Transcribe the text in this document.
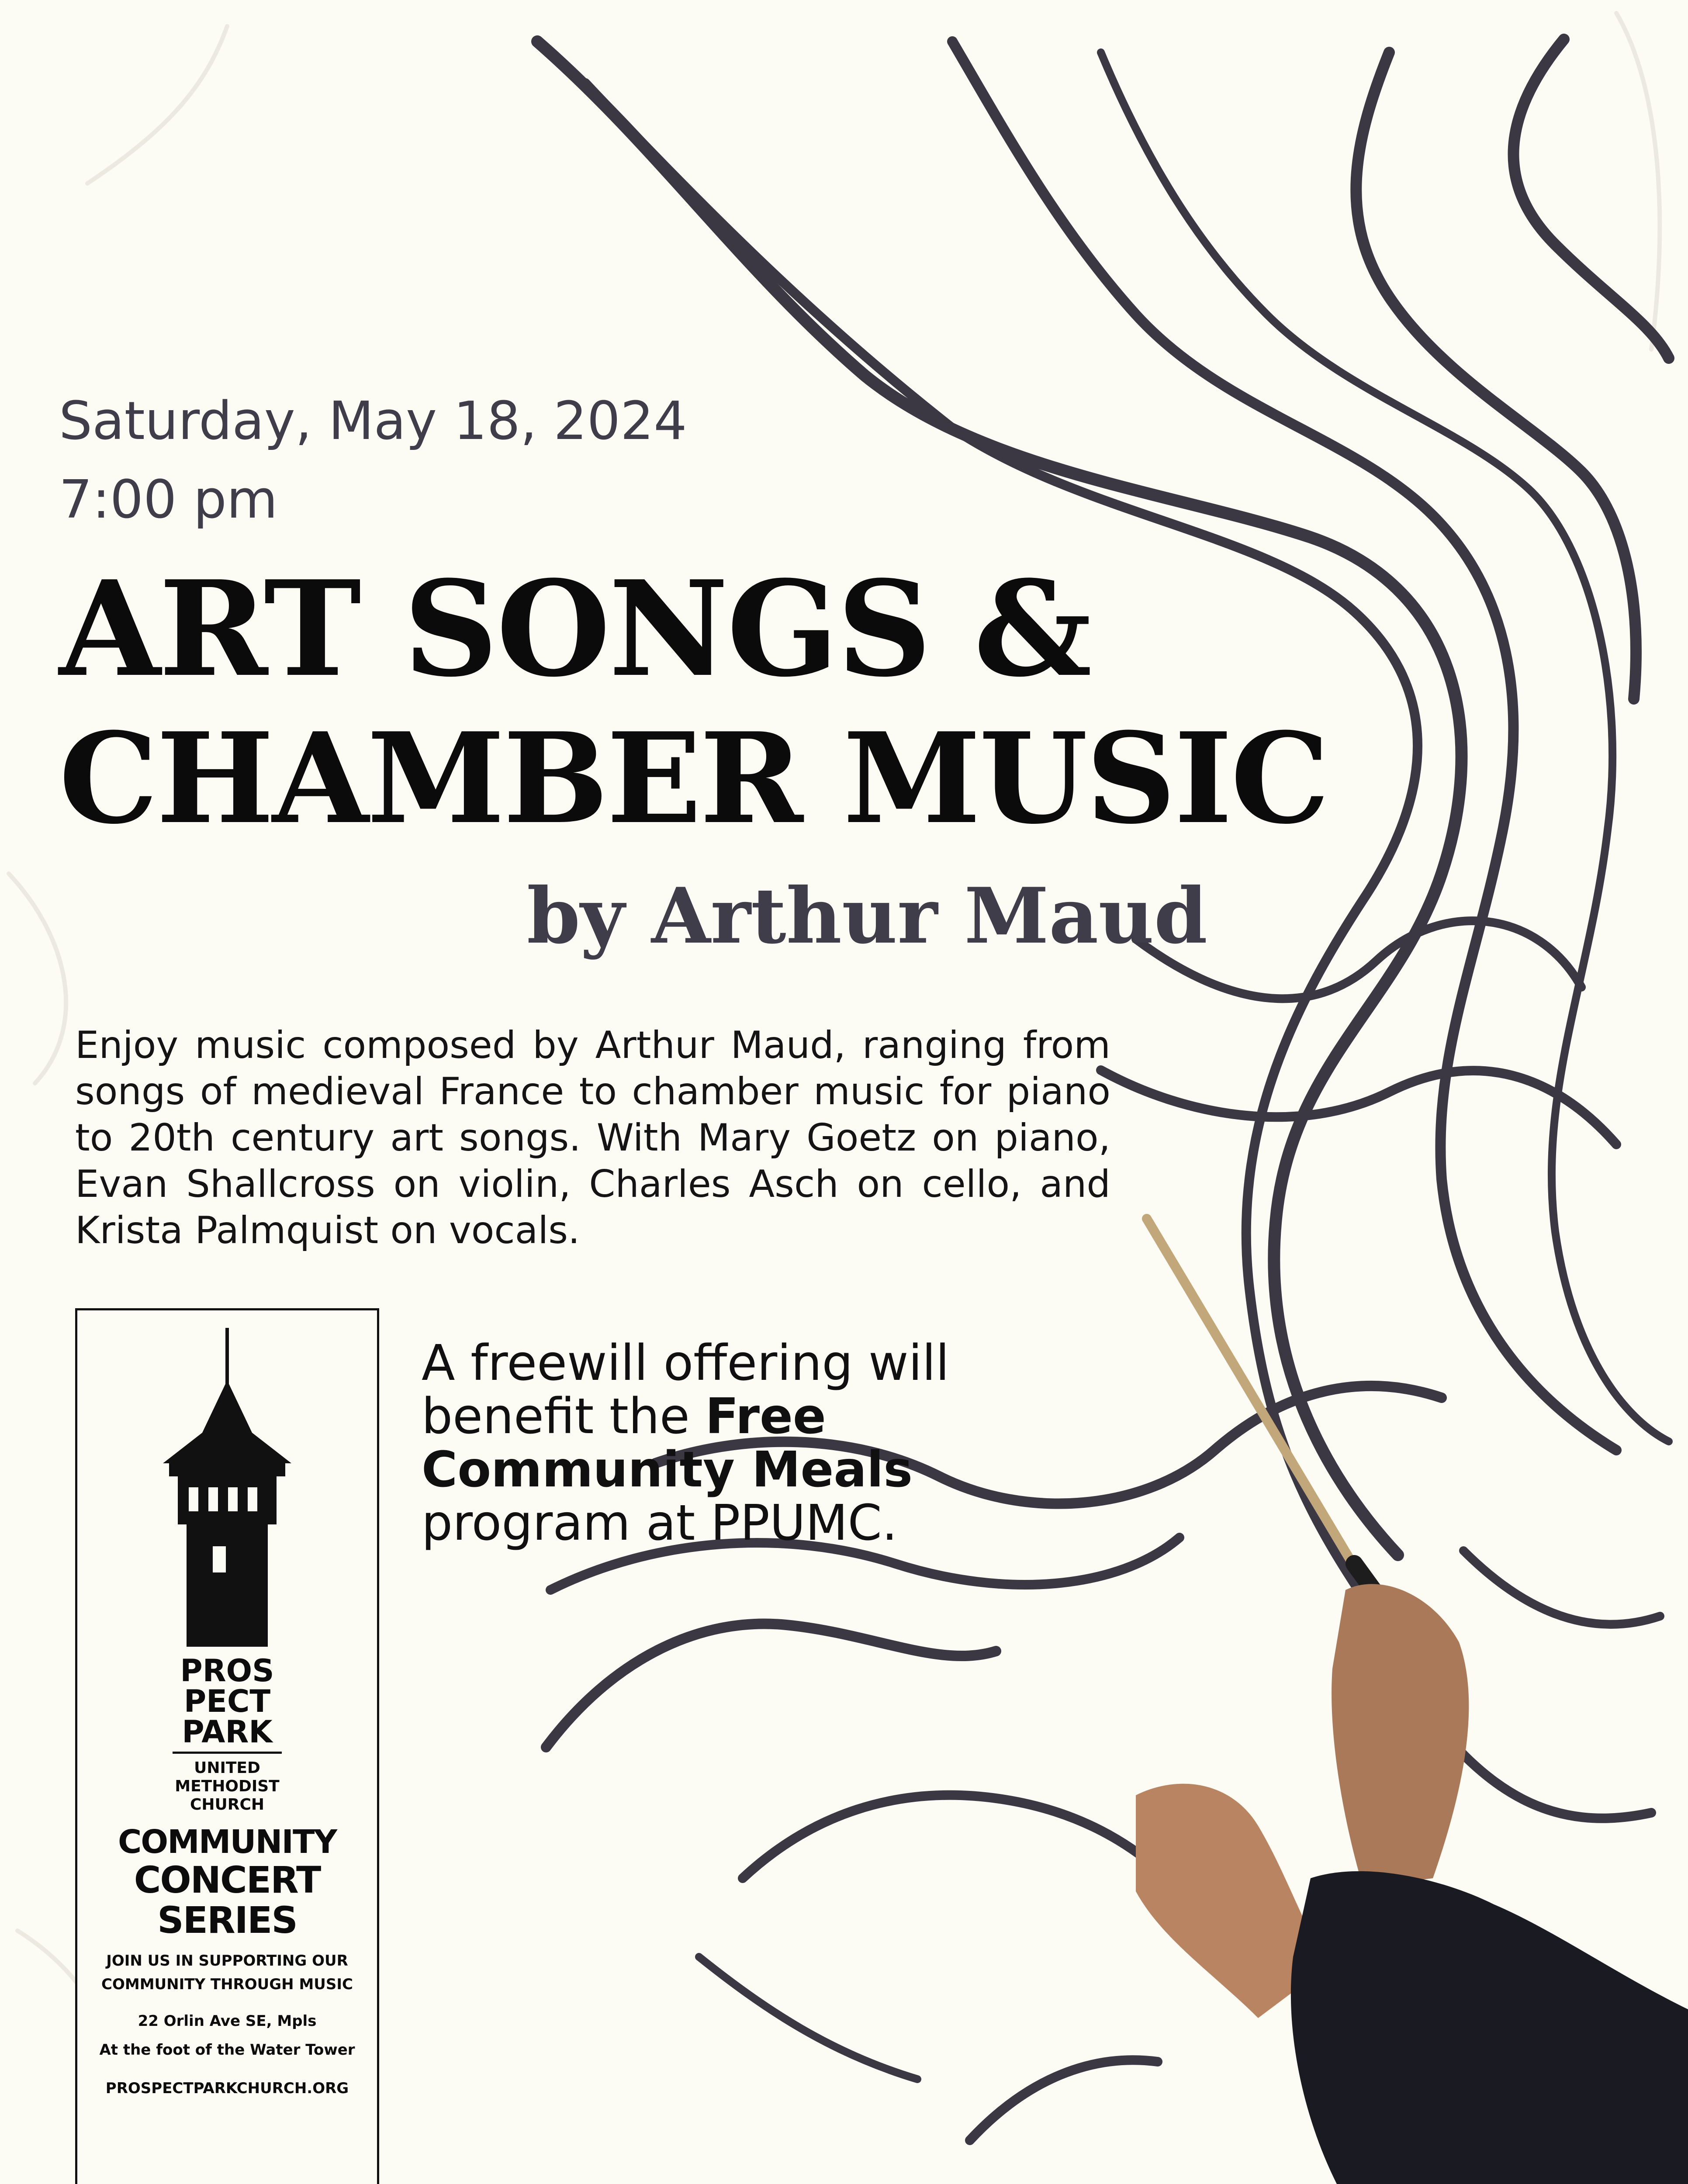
Saturday, May 18, 2024
7:00 pm
ART SONGS &
CHAMBER MUSIC
by Arthur Maud

Enjoy music composed by Arthur Maud, ranging from songs of medieval France to chamber music for piano to 20th century art songs. With Mary Goetz on piano, Evan Shallcross on violin, Charles Asch on cello, and Krista Palmquist on vocals.

A freewill offering will benefit the Free Community Meals program at PPUMC.

PROS
PECT
PARK
UNITED
METHODIST
CHURCH
COMMUNITY
CONCERT
SERIES
JOIN US IN SUPPORTING OUR
COMMUNITY THROUGH MUSIC
22 Orlin Ave SE, Mpls
At the foot of the Water Tower
PROSPECTPARKCHURCH.ORG
